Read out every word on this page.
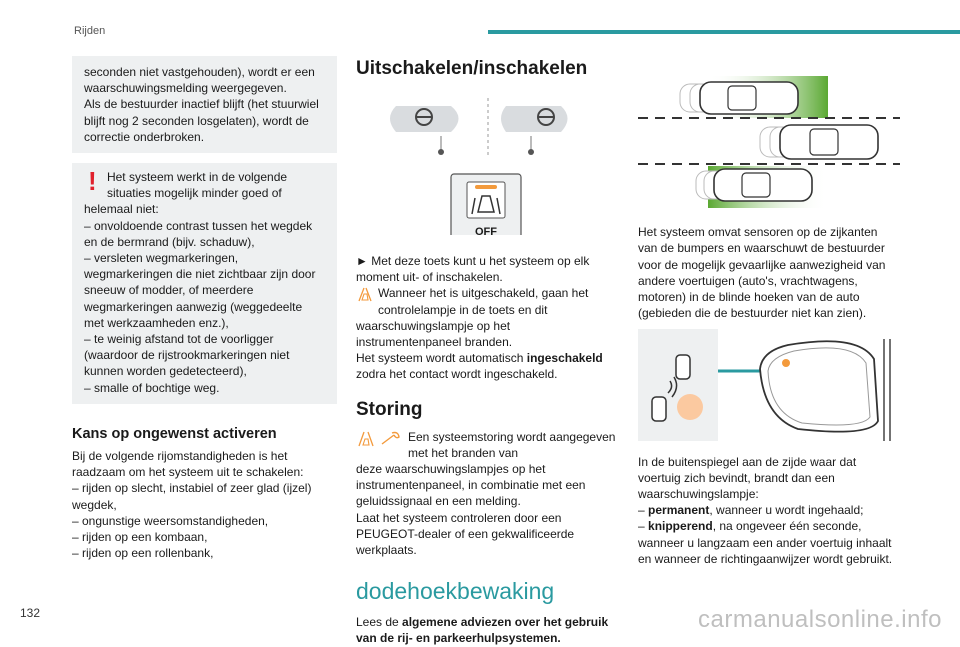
Rijden
seconden niet vastgehouden), wordt er een waarschuwingsmelding weergegeven.
Als de bestuurder inactief blijft (het stuurwiel blijft nog 2 seconden losgelaten), wordt de correctie onderbroken.
! Het systeem werkt in de volgende situaties mogelijk minder goed of
helemaal niet:
– onvoldoende contrast tussen het wegdek en de bermrand (bijv. schaduw),
– versleten wegmarkeringen, wegmarkeringen die niet zichtbaar zijn door sneeuw of modder, of meerdere wegmarkeringen aanwezig (weggedeelte met werkzaamheden enz.),
– te weinig afstand tot de voorligger (waardoor de rijstrookmarkeringen niet kunnen worden gedetecteerd),
– smalle of bochtige weg.
Kans op ongewenst activeren
Bij de volgende rijomstandigheden is het raadzaam om het systeem uit te schakelen:
– rijden op slecht, instabiel of zeer glad (ijzel) wegdek,
– ongunstige weersomstandigheden,
– rijden op een kombaan,
– rijden op een rollenbank,
Uitschakelen/inschakelen
OFF
► Met deze toets kunt u het systeem op elk moment uit- of inschakelen.
Wanneer het is uitgeschakeld, gaan het controlelampje in de toets en dit
waarschuwingslampje op het instrumentenpaneel branden.
Het systeem wordt automatisch ingeschakeld zodra het contact wordt ingeschakeld.
Storing
Een systeemstoring wordt aangegeven met het branden van
deze waarschuwingslampjes op het instrumentenpaneel, in combinatie met een geluidssignaal en een melding.
Laat het systeem controleren door een PEUGEOT-dealer of een gekwalificeerde werkplaats.
dodehoekbewaking
Lees de algemene adviezen over het gebruik van de rij- en parkeerhulpsystemen.
Het systeem omvat sensoren op de zijkanten van de bumpers en waarschuwt de bestuurder voor de mogelijk gevaarlijke aanwezigheid van andere voertuigen (auto's, vrachtwagens, motoren) in de blinde hoeken van de auto (gebieden die de bestuurder niet kan zien).
In de buitenspiegel aan de zijde waar dat voertuig zich bevindt, brandt dan een waarschuwingslampje:
– permanent, wanneer u wordt ingehaald;
– knipperend, na ongeveer één seconde, wanneer u langzaam een ander voertuig inhaalt en wanneer de richtingaanwijzer wordt gebruikt.
132	carmanualsonline.info
